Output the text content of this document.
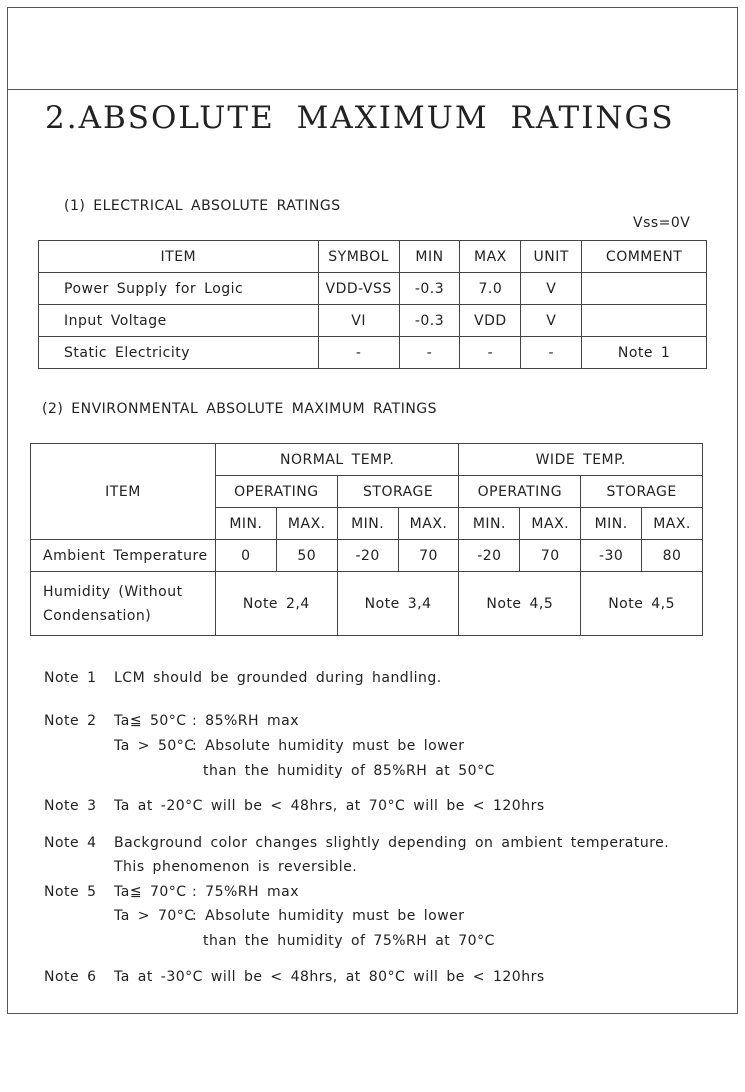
2.ABSOLUTE MAXIMUM RATINGS
(1) ELECTRICAL ABSOLUTE RATINGS
Vss=0V
ITEM	SYMBOL	MIN	MAX	UNIT	COMMENT
Power Supply for Logic	VDD-VSS	-0.3	7.0	V	
Input Voltage	VI	-0.3	VDD	V	
Static Electricity	-	-	-	-	Note 1
(2) ENVIRONMENTAL ABSOLUTE MAXIMUM RATINGS
ITEM	NORMAL TEMP.				WIDE TEMP.			
	OPERATING		STORAGE		OPERATING		STORAGE	
	MIN.	MAX.	MIN.	MAX.	MIN.	MAX.	MIN.	MAX.
Ambient Temperature	0	50	-20	70	-20	70	-30	80
Humidity (Without Condensation)	Note 2,4		Note 3,4		Note 4,5		Note 4,5	
Note 1 LCM should be grounded during handling.
Note 2 Ta≦ 50°C : 85%RH max
Ta > 50°C
: Absolute humidity must be lower
than the humidity of 85%RH at 50°C
Note 3 Ta at -20°C will be < 48hrs, at 70°C will be < 120hrs
Note 4 Background color changes slightly depending on ambient temperature.
This phenomenon is reversible.
Note 5 Ta≦ 70°C : 75%RH max
Ta > 70°C
: Absolute humidity must be lower
than the humidity of 75%RH at 70°C
Note 6 Ta at -30°C will be < 48hrs, at 80°C will be < 120hrs
